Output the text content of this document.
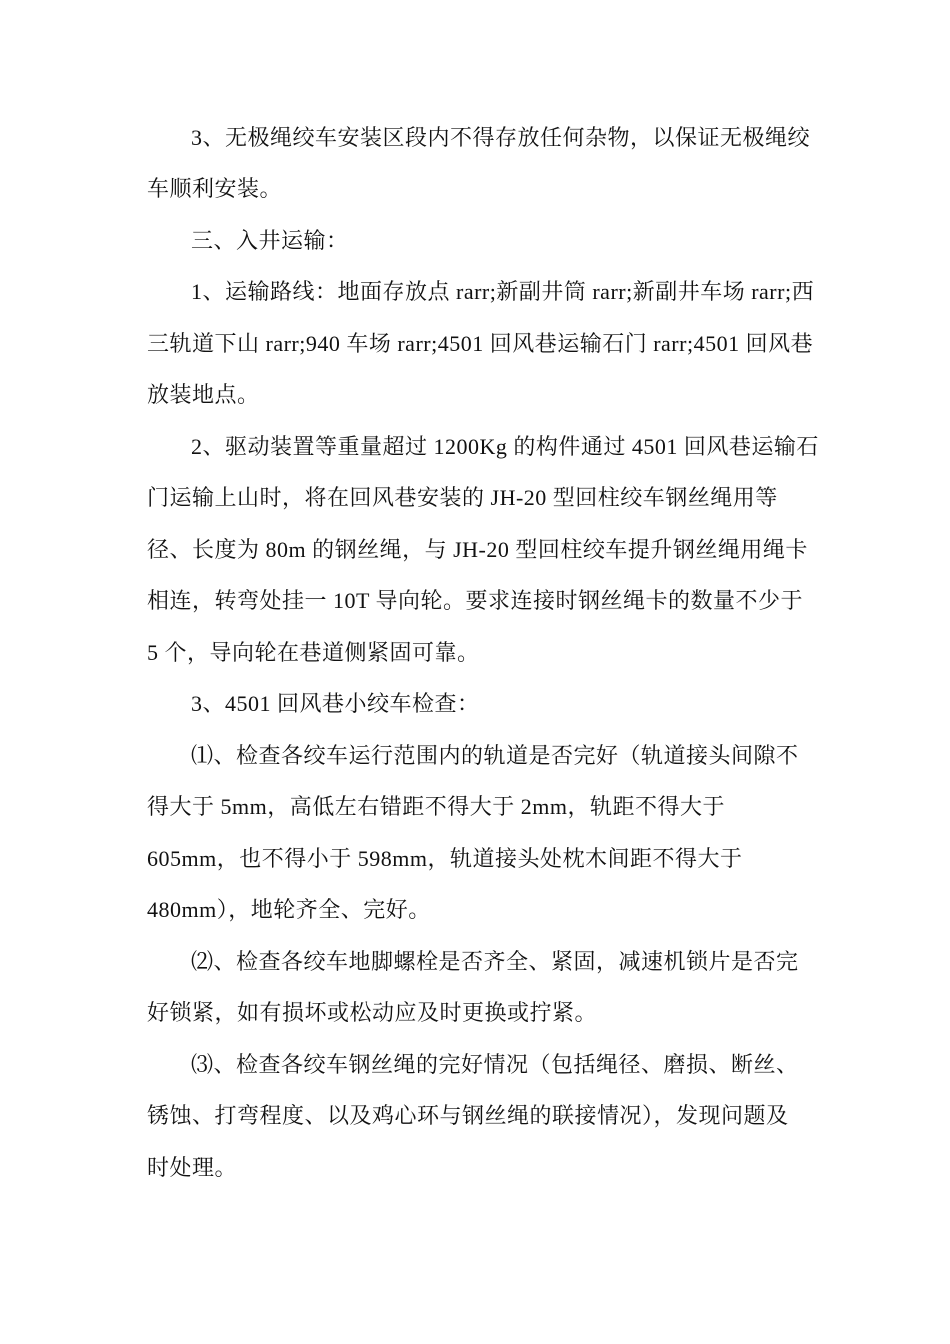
3、无极绳绞车安装区段内不得存放任何杂物，以保证无极绳绞
车顺利安装。
三、入井运输：
1、运输路线：地面存放点 rarr;新副井筒 rarr;新副井车场 rarr;西
三轨道下山 rarr;940 车场 rarr;4501 回风巷运输石门 rarr;4501 回风巷
放装地点。
2、驱动装置等重量超过 1200Kg 的构件通过 4501 回风巷运输石
门运输上山时，将在回风巷安装的 JH-20 型回柱绞车钢丝绳用等
径、长度为 80m 的钢丝绳，与 JH-20 型回柱绞车提升钢丝绳用绳卡
相连，转弯处挂一 10T 导向轮。要求连接时钢丝绳卡的数量不少于
5 个，导向轮在巷道侧紧固可靠。
3、4501 回风巷小绞车检查：
⑴、检查各绞车运行范围内的轨道是否完好（轨道接头间隙不
得大于 5mm，高低左右错距不得大于 2mm，轨距不得大于
605mm，也不得小于 598mm，轨道接头处枕木间距不得大于
480mm），地轮齐全、完好。
⑵、检查各绞车地脚螺栓是否齐全、紧固，减速机锁片是否完
好锁紧，如有损坏或松动应及时更换或拧紧。
⑶、检查各绞车钢丝绳的完好情况（包括绳径、磨损、断丝、
锈蚀、打弯程度、以及鸡心环与钢丝绳的联接情况），发现问题及
时处理。
